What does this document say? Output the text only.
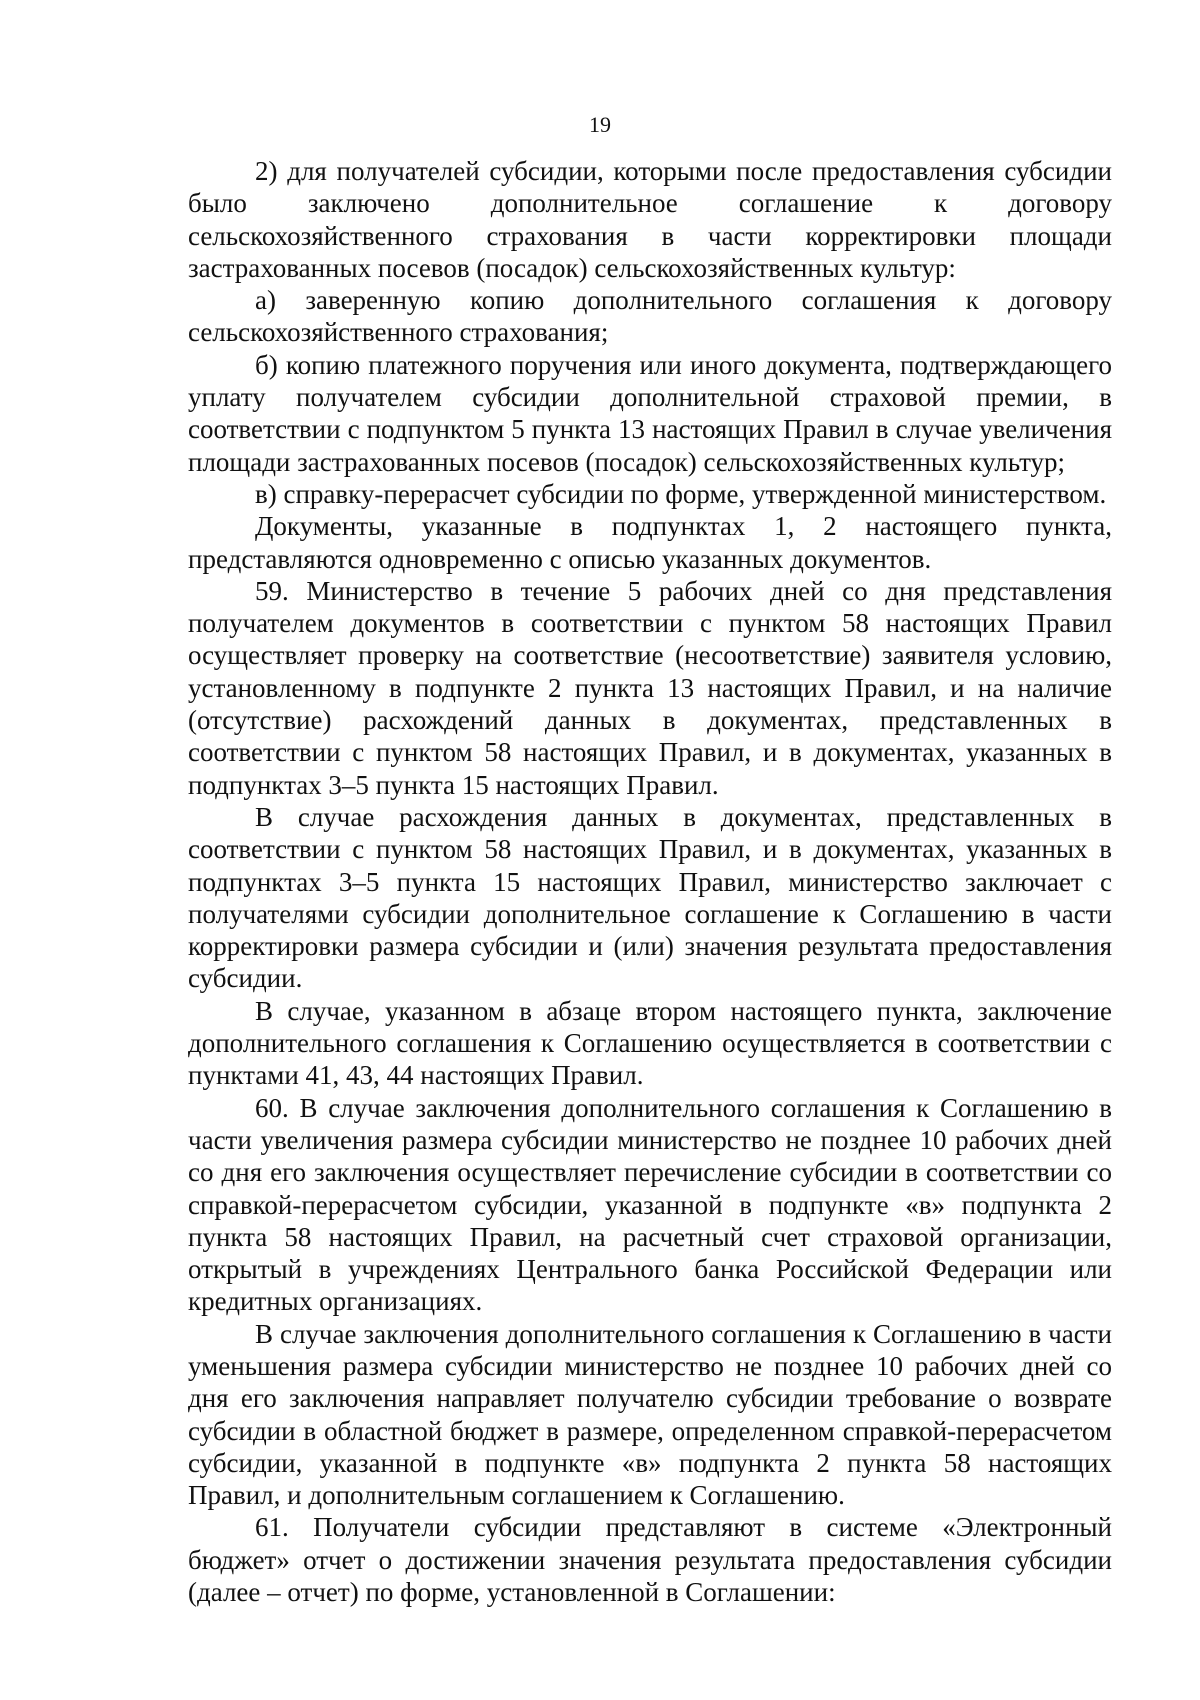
19

2) для получателей субсидии, которыми после предоставления субсидии было заключено дополнительное соглашение к договору сельскохозяйственного страхования в части корректировки площади застрахованных посевов (посадок) сельскохозяйственных культур:

а) заверенную копию дополнительного соглашения к договору сельскохозяйственного страхования;

б) копию платежного поручения или иного документа, подтверждающего уплату получателем субсидии дополнительной страховой премии, в соответствии с подпунктом 5 пункта 13 настоящих Правил в случае увеличения площади застрахованных посевов (посадок) сельскохозяйственных культур;

в) справку-перерасчет субсидии по форме, утвержденной министерством.

Документы, указанные в подпунктах 1, 2 настоящего пункта, представляются одновременно с описью указанных документов.

59. Министерство в течение 5 рабочих дней со дня представления получателем документов в соответствии с пунктом 58 настоящих Правил осуществляет проверку на соответствие (несоответствие) заявителя условию, установленному в подпункте 2 пункта 13 настоящих Правил, и на наличие (отсутствие) расхождений данных в документах, представленных в соответствии с пунктом 58 настоящих Правил, и в документах, указанных в подпунктах 3–5 пункта 15 настоящих Правил.

В случае расхождения данных в документах, представленных в соответствии с пунктом 58 настоящих Правил, и в документах, указанных в подпунктах 3–5 пункта 15 настоящих Правил, министерство заключает с получателями субсидии дополнительное соглашение к Соглашению в части корректировки размера субсидии и (или) значения результата предоставления субсидии.

В случае, указанном в абзаце втором настоящего пункта, заключение дополнительного соглашения к Соглашению осуществляется в соответствии с пунктами 41, 43, 44 настоящих Правил.

60. В случае заключения дополнительного соглашения к Соглашению в части увеличения размера субсидии министерство не позднее 10 рабочих дней со дня его заключения осуществляет перечисление субсидии в соответствии со справкой-перерасчетом субсидии, указанной в подпункте «в» подпункта 2 пункта 58 настоящих Правил, на расчетный счет страховой организации, открытый в учреждениях Центрального банка Российской Федерации или кредитных организациях.

В случае заключения дополнительного соглашения к Соглашению в части уменьшения размера субсидии министерство не позднее 10 рабочих дней со дня его заключения направляет получателю субсидии требование о возврате субсидии в областной бюджет в размере, определенном справкой-перерасчетом субсидии, указанной в подпункте «в» подпункта 2 пункта 58 настоящих Правил, и дополнительным соглашением к Соглашению.

61. Получатели субсидии представляют в системе «Электронный бюджет» отчет о достижении значения результата предоставления субсидии (далее – отчет) по форме, установленной в Соглашении:
